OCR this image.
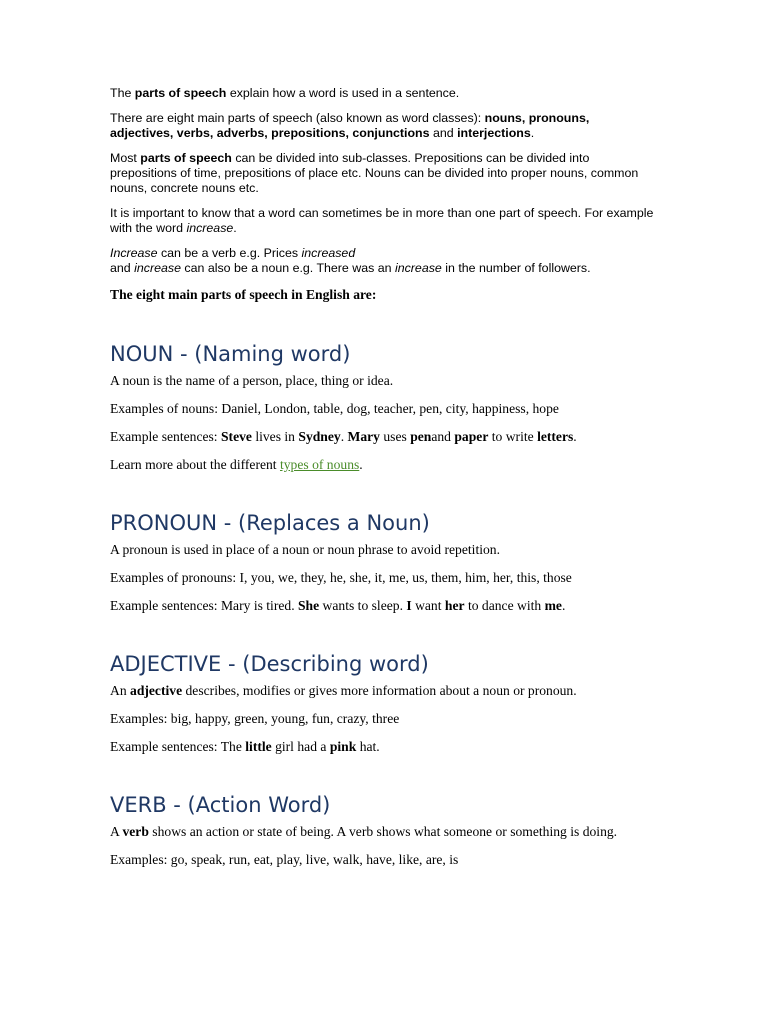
The parts of speech explain how a word is used in a sentence.

There are eight main parts of speech (also known as word classes): nouns, pronouns, adjectives, verbs, adverbs, prepositions, conjunctions and interjections.

Most parts of speech can be divided into sub-classes. Prepositions can be divided into prepositions of time, prepositions of place etc. Nouns can be divided into proper nouns, common nouns, concrete nouns etc.

It is important to know that a word can sometimes be in more than one part of speech. For example with the word increase.

Increase can be a verb e.g. Prices increased

and increase can also be a noun e.g. There was an increase in the number of followers.

The eight main parts of speech in English are:

NOUN - (Naming word)

A noun is the name of a person, place, thing or idea.

Examples of nouns: Daniel, London, table, dog, teacher, pen, city, happiness, hope

Example sentences: Steve lives in Sydney. Mary uses penand paper to write letters.

Learn more about the different types of nouns.

PRONOUN - (Replaces a Noun)

A pronoun is used in place of a noun or noun phrase to avoid repetition.

Examples of pronouns: I, you, we, they, he, she, it, me, us, them, him, her, this, those

Example sentences: Mary is tired. She wants to sleep. I want her to dance with me.

ADJECTIVE - (Describing word)

An adjective describes, modifies or gives more information about a noun or pronoun.

Examples: big, happy, green, young, fun, crazy, three

Example sentences: The little girl had a pink hat.

VERB - (Action Word)

A verb shows an action or state of being. A verb shows what someone or something is doing.

Examples: go, speak, run, eat, play, live, walk, have, like, are, is
